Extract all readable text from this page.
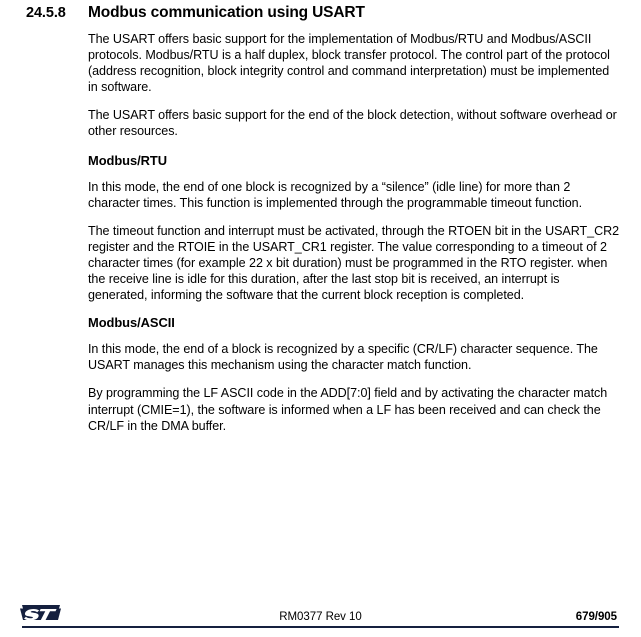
24.5.8	Modbus communication using USART

The USART offers basic support for the implementation of Modbus/RTU and Modbus/ASCII protocols. Modbus/RTU is a half duplex, block transfer protocol. The control part of the protocol (address recognition, block integrity control and command interpretation) must be implemented in software.

The USART offers basic support for the end of the block detection, without software overhead or other resources.

Modbus/RTU

In this mode, the end of one block is recognized by a “silence” (idle line) for more than 2 character times. This function is implemented through the programmable timeout function.

The timeout function and interrupt must be activated, through the RTOEN bit in the USART_CR2 register and the RTOIE in the USART_CR1 register. The value corresponding to a timeout of 2 character times (for example 22 x bit duration) must be programmed in the RTO register. when the receive line is idle for this duration, after the last stop bit is received, an interrupt is generated, informing the software that the current block reception is completed.

Modbus/ASCII

In this mode, the end of a block is recognized by a specific (CR/LF) character sequence. The USART manages this mechanism using the character match function.

By programming the LF ASCII code in the ADD[7:0] field and by activating the character match interrupt (CMIE=1), the software is informed when a LF has been received and can check the CR/LF in the DMA buffer.

RM0377 Rev 10	679/905
